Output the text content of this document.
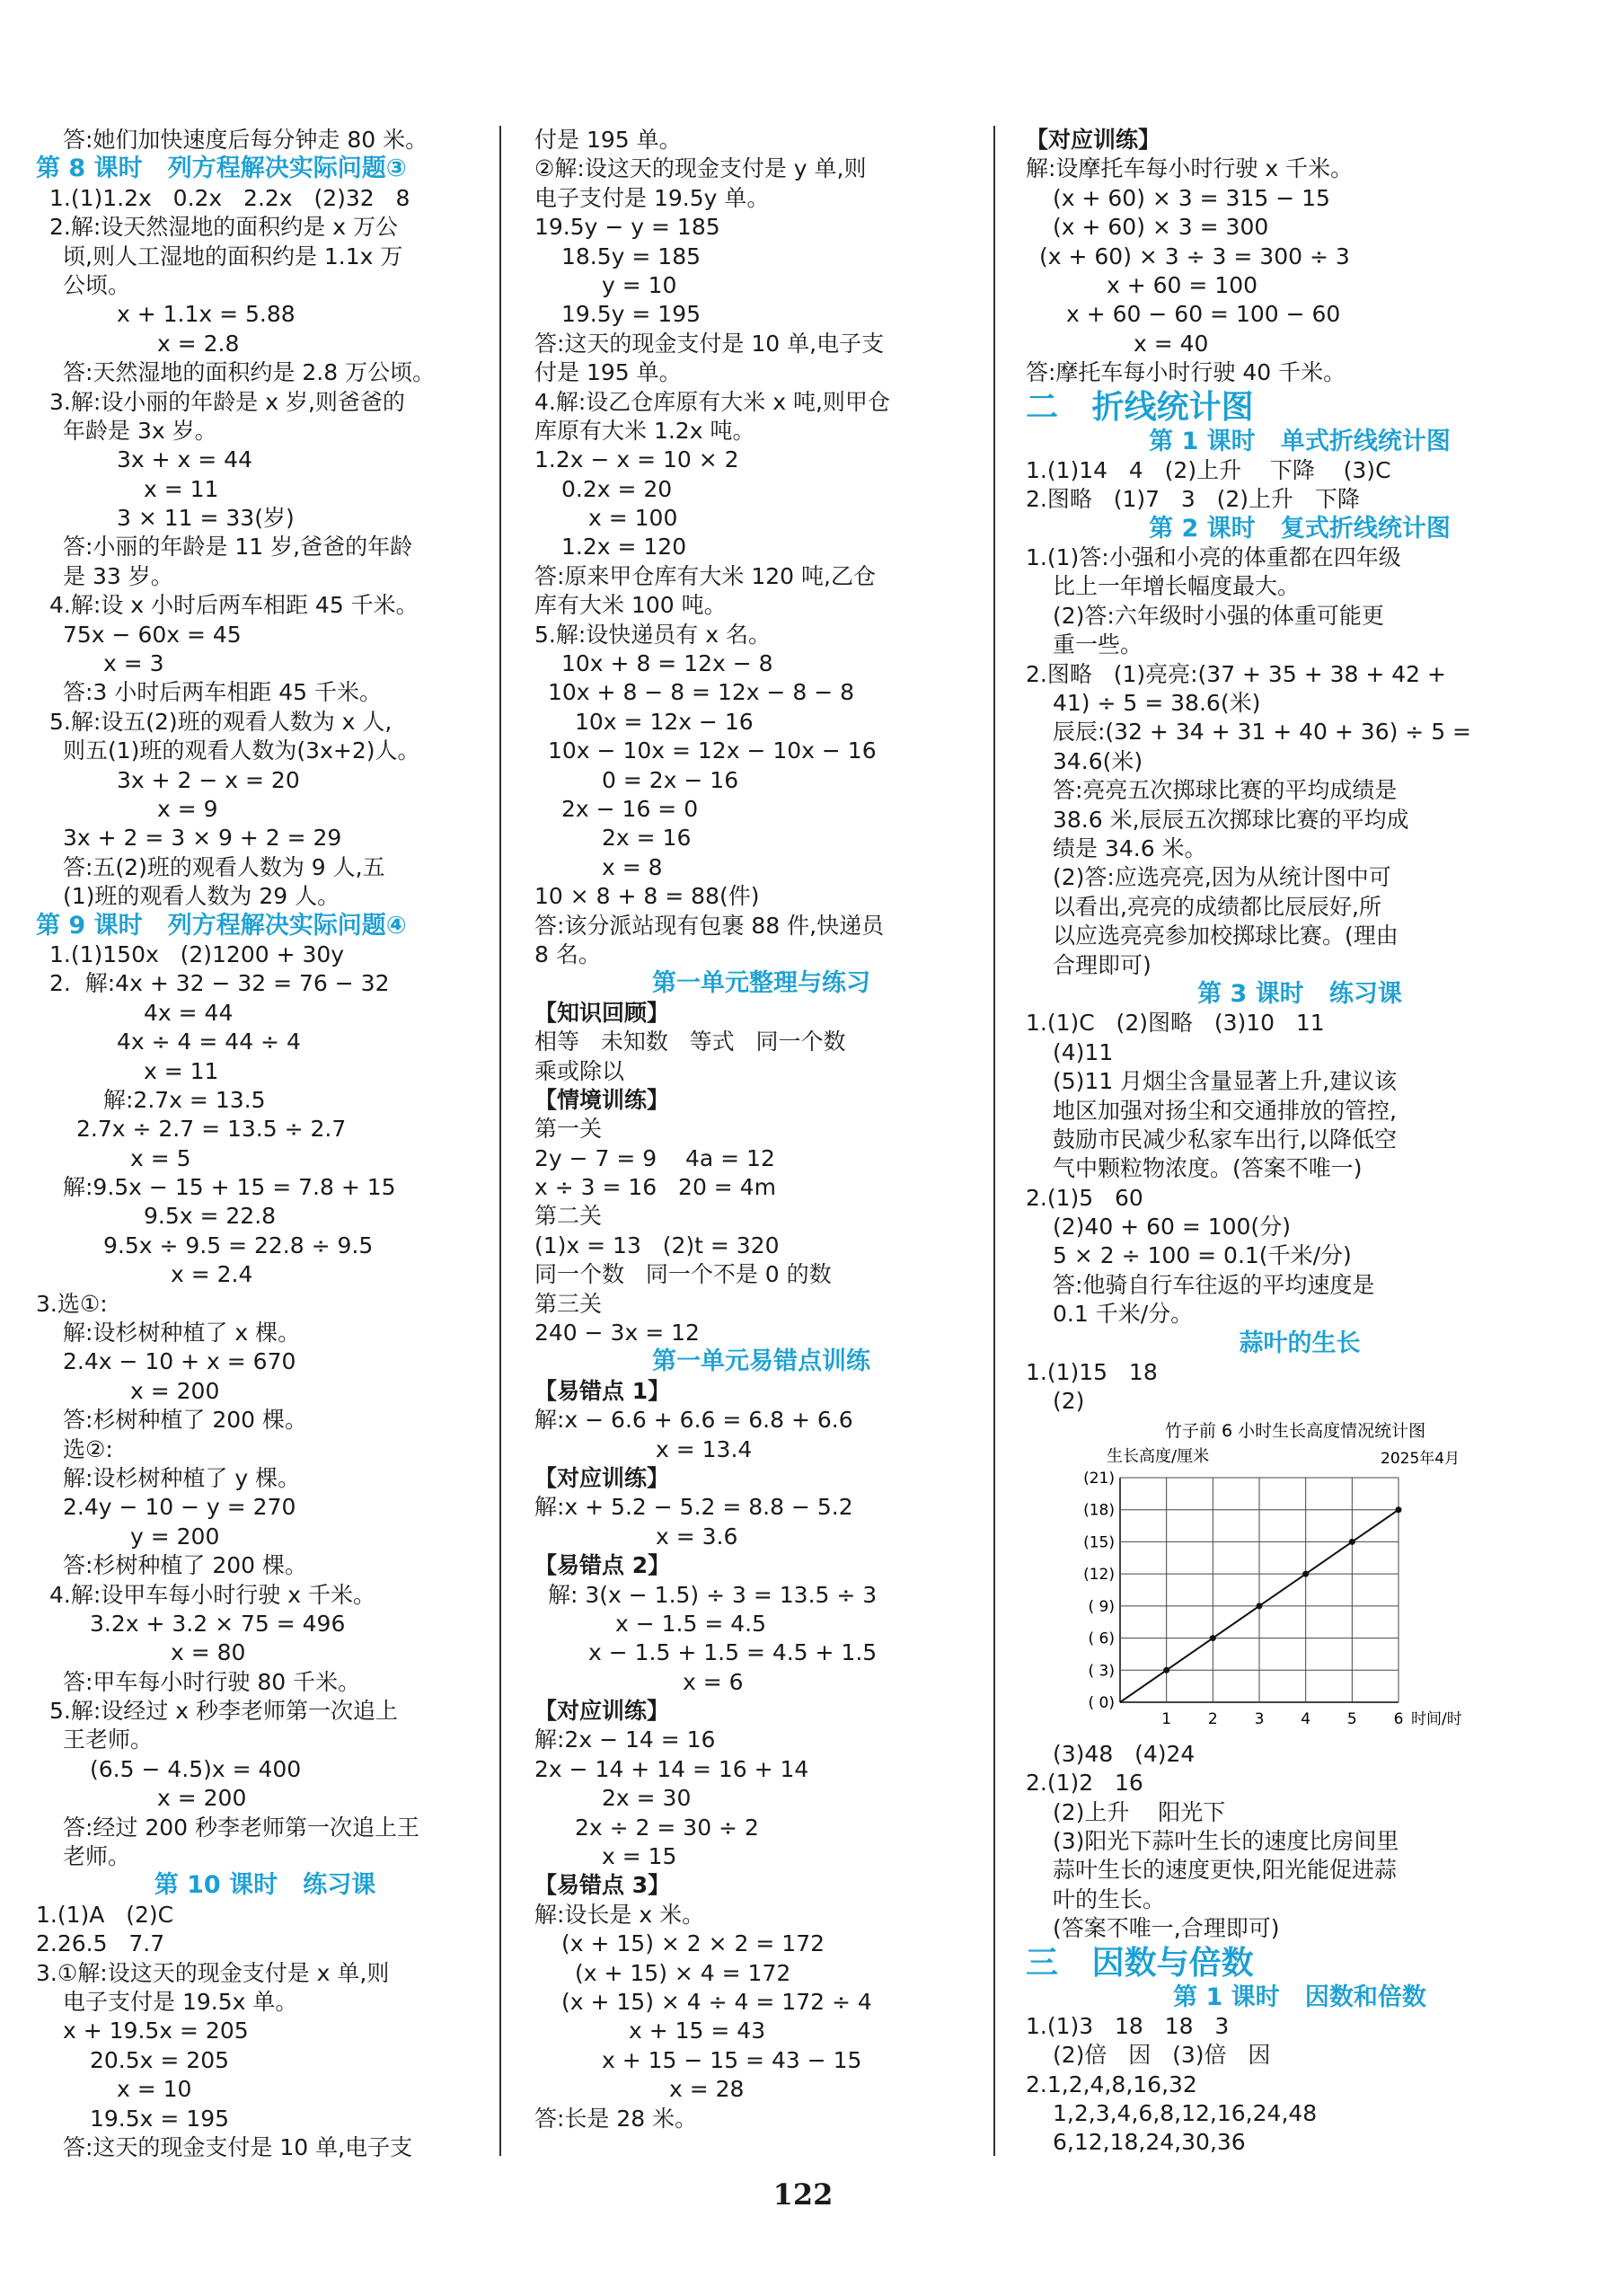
答:她们加快速度后每分钟走 80 米。
第 8 课时   列方程解决实际问题③
1.(1)1.2x   0.2x   2.2x   (2)32   8
2.解:设天然湿地的面积约是 x 万公
顷,则人工湿地的面积约是 1.1x 万
公顷。
x + 1.1x = 5.88
x = 2.8
答:天然湿地的面积约是 2.8 万公顷。
3.解:设小丽的年龄是 x 岁,则爸爸的
年龄是 3x 岁。
3x + x = 44
x = 11
3 × 11 = 33(岁)
答:小丽的年龄是 11 岁,爸爸的年龄
是 33 岁。
4.解:设 x 小时后两车相距 45 千米。
75x − 60x = 45
x = 3
答:3 小时后两车相距 45 千米。
5.解:设五(2)班的观看人数为 x 人,
则五(1)班的观看人数为(3x+2)人。
3x + 2 − x = 20
x = 9
3x + 2 = 3 × 9 + 2 = 29
答:五(2)班的观看人数为 9 人,五
(1)班的观看人数为 29 人。
第 9 课时   列方程解决实际问题④
1.(1)150x   (2)1200 + 30y
2.  解:4x + 32 − 32 = 76 − 32
4x = 44
4x ÷ 4 = 44 ÷ 4
x = 11
解:2.7x = 13.5
2.7x ÷ 2.7 = 13.5 ÷ 2.7
x = 5
解:9.5x − 15 + 15 = 7.8 + 15
9.5x = 22.8
9.5x ÷ 9.5 = 22.8 ÷ 9.5
x = 2.4
3.选①:
解:设杉树种植了 x 棵。
2.4x − 10 + x = 670
x = 200
答:杉树种植了 200 棵。
选②:
解:设杉树种植了 y 棵。
2.4y − 10 − y = 270
y = 200
答:杉树种植了 200 棵。
4.解:设甲车每小时行驶 x 千米。
3.2x + 3.2 × 75 = 496
x = 80
答:甲车每小时行驶 80 千米。
5.解:设经过 x 秒李老师第一次追上
王老师。
(6.5 − 4.5)x = 400
x = 200
答:经过 200 秒李老师第一次追上王
老师。
第 10 课时   练习课
1.(1)A   (2)C
2.26.5   7.7
3.①解:设这天的现金支付是 x 单,则
电子支付是 19.5x 单。
x + 19.5x = 205
20.5x = 205
x = 10
19.5x = 195
答:这天的现金支付是 10 单,电子支
付是 195 单。
②解:设这天的现金支付是 y 单,则
电子支付是 19.5y 单。
19.5y − y = 185
18.5y = 185
y = 10
19.5y = 195
答:这天的现金支付是 10 单,电子支
付是 195 单。
4.解:设乙仓库原有大米 x 吨,则甲仓
库原有大米 1.2x 吨。
1.2x − x = 10 × 2
0.2x = 20
x = 100
1.2x = 120
答:原来甲仓库有大米 120 吨,乙仓
库有大米 100 吨。
5.解:设快递员有 x 名。
10x + 8 = 12x − 8
10x + 8 − 8 = 12x − 8 − 8
10x = 12x − 16
10x − 10x = 12x − 10x − 16
0 = 2x − 16
2x − 16 = 0
2x = 16
x = 8
10 × 8 + 8 = 88(件)
答:该分派站现有包裹 88 件,快递员
8 名。
第一单元整理与练习
【知识回顾】
相等   未知数   等式   同一个数
乘或除以
【情境训练】
第一关
2y − 7 = 9    4a = 12
x ÷ 3 = 16   20 = 4m
第二关
(1)x = 13   (2)t = 320
同一个数   同一个不是 0 的数
第三关
240 − 3x = 12
第一单元易错点训练
【易错点 1】
解:x − 6.6 + 6.6 = 6.8 + 6.6
x = 13.4
【对应训练】
解:x + 5.2 − 5.2 = 8.8 − 5.2
x = 3.6
【易错点 2】
解: 3(x − 1.5) ÷ 3 = 13.5 ÷ 3
x − 1.5 = 4.5
x − 1.5 + 1.5 = 4.5 + 1.5
x = 6
【对应训练】
解:2x − 14 = 16
2x − 14 + 14 = 16 + 14
2x = 30
2x ÷ 2 = 30 ÷ 2
x = 15
【易错点 3】
解:设长是 x 米。
(x + 15) × 2 × 2 = 172
(x + 15) × 4 = 172
(x + 15) × 4 ÷ 4 = 172 ÷ 4
x + 15 = 43
x + 15 − 15 = 43 − 15
x = 28
答:长是 28 米。
【对应训练】
解:设摩托车每小时行驶 x 千米。
(x + 60) × 3 = 315 − 15
(x + 60) × 3 = 300
(x + 60) × 3 ÷ 3 = 300 ÷ 3
x + 60 = 100
x + 60 − 60 = 100 − 60
x = 40
答:摩托车每小时行驶 40 千米。
二   折线统计图
第 1 课时   单式折线统计图
1.(1)14   4   (2)上升    下降    (3)C
2.图略   (1)7   3   (2)上升   下降
第 2 课时   复式折线统计图
1.(1)答:小强和小亮的体重都在四年级
比上一年增长幅度最大。
(2)答:六年级时小强的体重可能更
重一些。
2.图略   (1)亮亮:(37 + 35 + 38 + 42 +
41) ÷ 5 = 38.6(米)
辰辰:(32 + 34 + 31 + 40 + 36) ÷ 5 =
34.6(米)
答:亮亮五次掷球比赛的平均成绩是
38.6 米,辰辰五次掷球比赛的平均成
绩是 34.6 米。
(2)答:应选亮亮,因为从统计图中可
以看出,亮亮的成绩都比辰辰好,所
以应选亮亮参加校掷球比赛。(理由
合理即可)
第 3 课时   练习课
1.(1)C   (2)图略   (3)10   11
(4)11
(5)11 月烟尘含量显著上升,建议该
地区加强对扬尘和交通排放的管控,
鼓励市民减少私家车出行,以降低空
气中颗粒物浓度。(答案不唯一)
2.(1)5   60
(2)40 + 60 = 100(分)
5 × 2 ÷ 100 = 0.1(千米/分)
答:他骑自行车往返的平均速度是
0.1 千米/分。
蒜叶的生长
1.(1)15   18
(2)
竹子前 6 小时生长高度情况统计图
生长高度/厘米	2025年4月
( 0)
( 3)
( 6)
( 9)
(12)
(15)
(18)
(21)
1 2 3 4 5 6 时间/时
(3)48   (4)24
2.(1)2   16
(2)上升    阳光下
(3)阳光下蒜叶生长的速度比房间里
蒜叶生长的速度更快,阳光能促进蒜
叶的生长。
(答案不唯一,合理即可)
三   因数与倍数
第 1 课时   因数和倍数
1.(1)3   18   18   3
(2)倍   因   (3)倍   因
2.1,2,4,8,16,32
1,2,3,4,6,8,12,16,24,48
6,12,18,24,30,36
122
